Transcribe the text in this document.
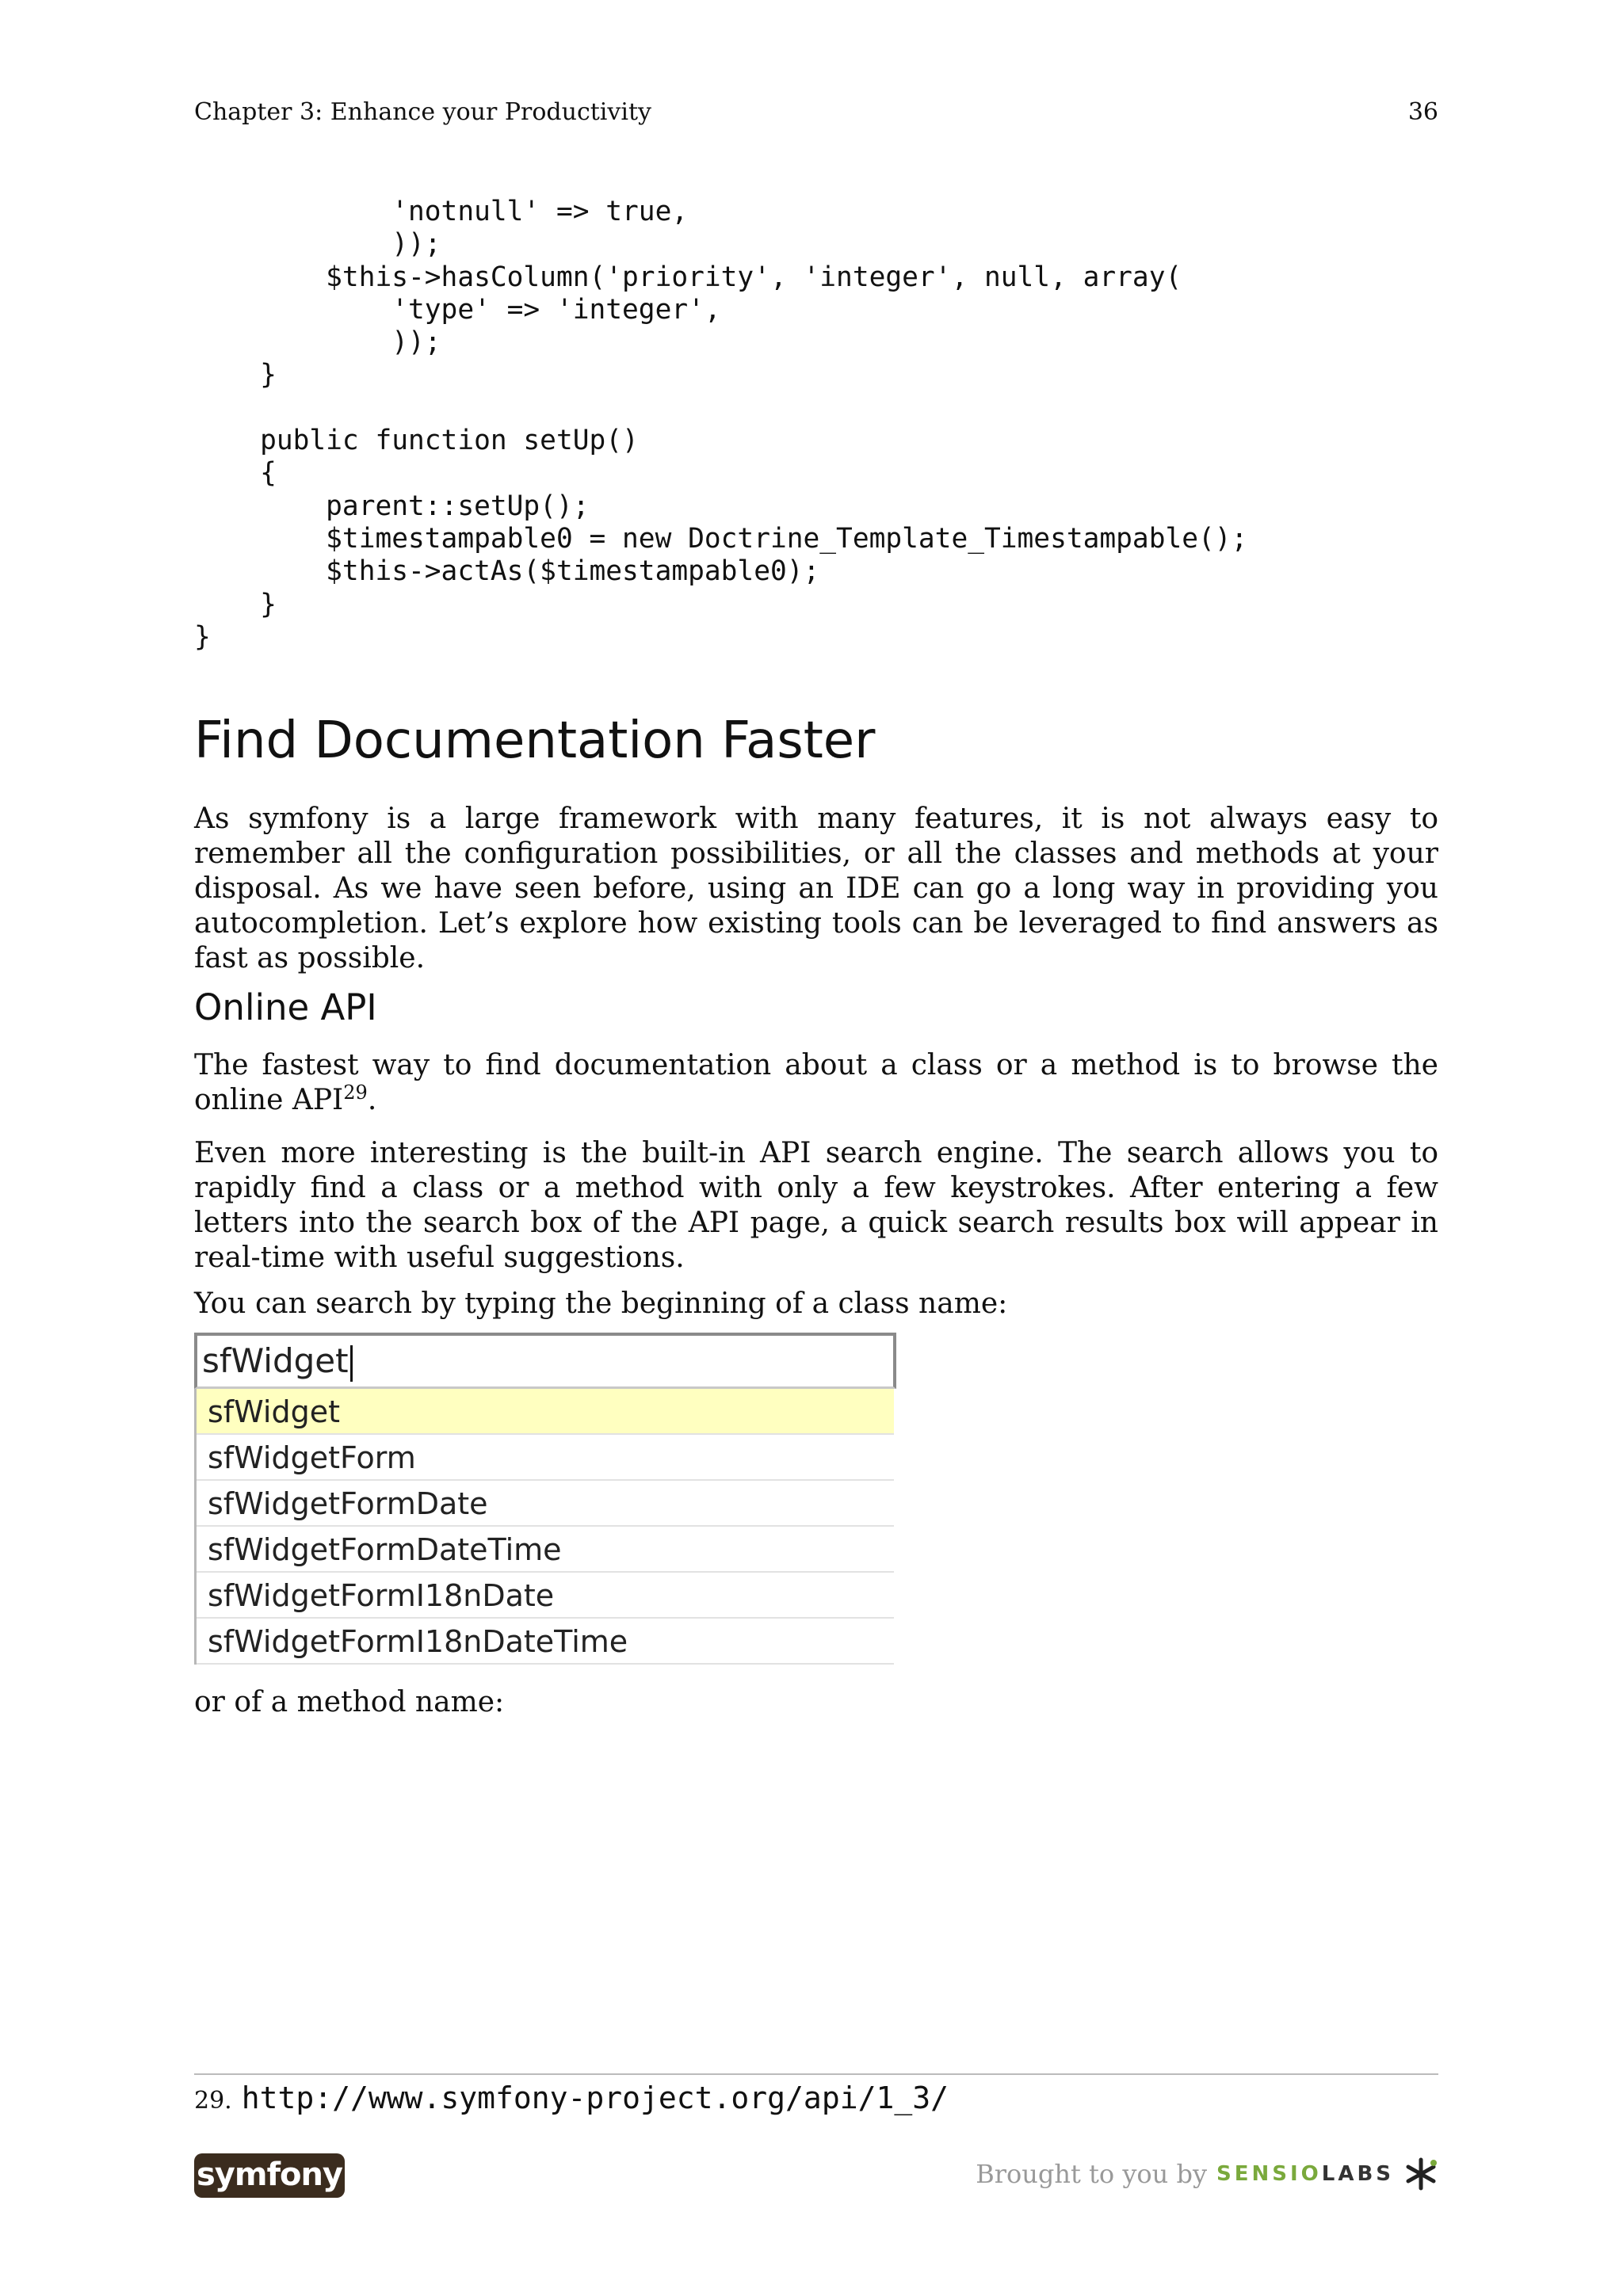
Chapter 3: Enhance your Productivity	36
'notnull' => true,
));
$this->hasColumn('priority', 'integer', null, array(
'type' => 'integer',
));
}

public function setUp()
{
parent::setUp();
$timestampable0 = new Doctrine_Template_Timestampable();
$this->actAs($timestampable0);
}
}
Find Documentation Faster

As symfony is a large framework with many features, it is not always easy to remember all the configuration possibilities, or all the classes and methods at your disposal. As we have seen before, using an IDE can go a long way in providing you autocompletion. Let’s explore how existing tools can be leveraged to find answers as fast as possible.

Online API

The fastest way to find documentation about a class or a method is to browse the online API$^{29}$.

Even more interesting is the built-in API search engine. The search allows you to rapidly find a class or a method with only a few keystrokes. After entering a few letters into the search box of the API page, a quick search results box will appear in real-time with useful suggestions.

You can search by typing the beginning of a class name:

sfWidget
sfWidget
sfWidgetForm
sfWidgetFormDate
sfWidgetFormDateTime
sfWidgetFormI18nDate
sfWidgetFormI18nDateTime

or of a method name:

29. http://www.symfony-project.org/api/1_3/
symfony	Brought to you by SENSIO LABS
